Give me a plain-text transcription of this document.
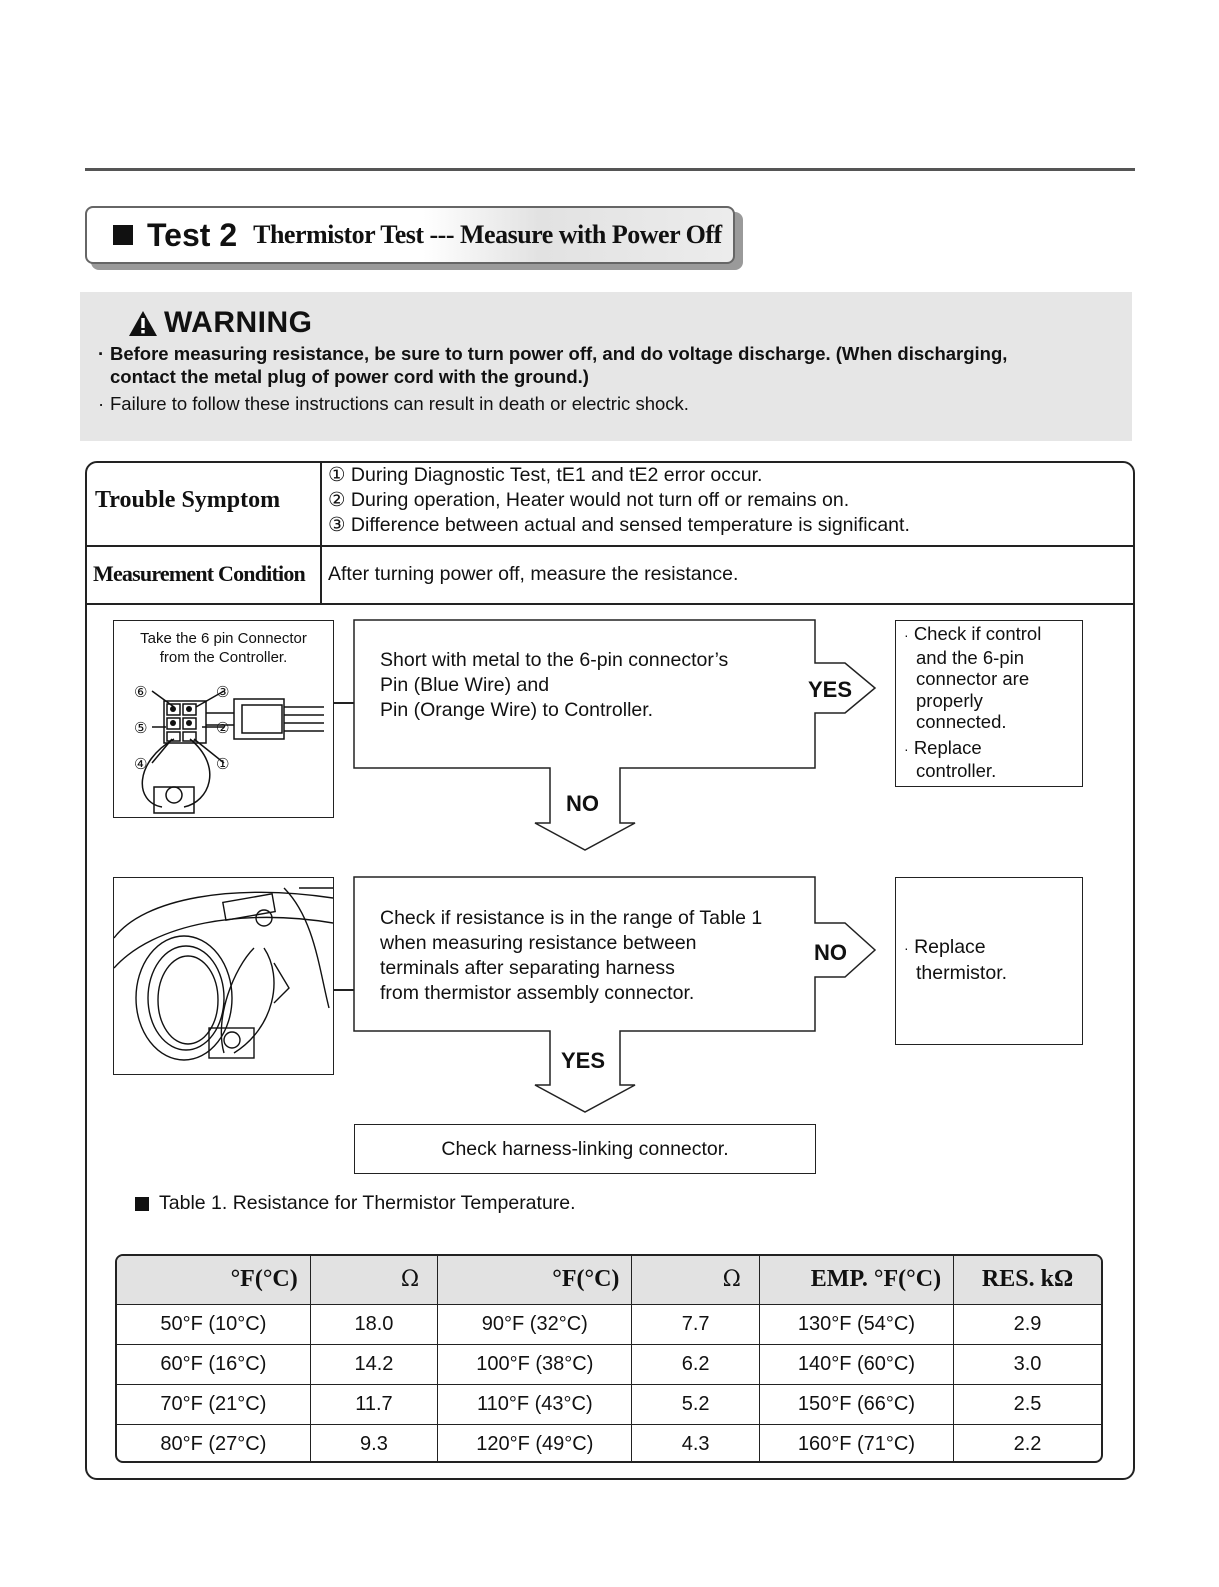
Test 2 Thermistor Test --- Measure with Power Off
WARNING
· Before measuring resistance, be sure to turn power off, and do voltage discharge. (When discharging,
contact the metal plug of power cord with the ground.)
· Failure to follow these instructions can result in death or electric shock.
Trouble Symptom
① During Diagnostic Test, tE1 and tE2 error occur.
② During operation, Heater would not turn off or remains on.
③ Difference between actual and sensed temperature is significant.
Measurement Condition After turning power off, measure the resistance.
Take the 6 pin Connector
from the Controller.
⑥	③
⑤	②
④	①
Short with metal to the 6-pin connector’s
Pin (Blue Wire) and
Pin (Orange Wire) to Controller.
YES
NO
· Check if control
and the 6-pin
connector are
properly
connected.
· Replace
controller.
Check if resistance is in the range of Table 1
when measuring resistance between
terminals after separating harness
from thermistor assembly connector.
NO
YES
· Replace
thermistor.
Check harness-linking connector.
Table 1. Resistance for Thermistor Temperature.
°F(°C)	Ω	°F(°C)	Ω	EMP. °F(°C)	RES. kΩ
50°F (10°C)	18.0	90°F (32°C)	7.7	130°F (54°C)	2.9
60°F (16°C)	14.2	100°F (38°C)	6.2	140°F (60°C)	3.0
70°F (21°C)	11.7	110°F (43°C)	5.2	150°F (66°C)	2.5
80°F (27°C)	9.3	120°F (49°C)	4.3	160°F (71°C)	2.2
